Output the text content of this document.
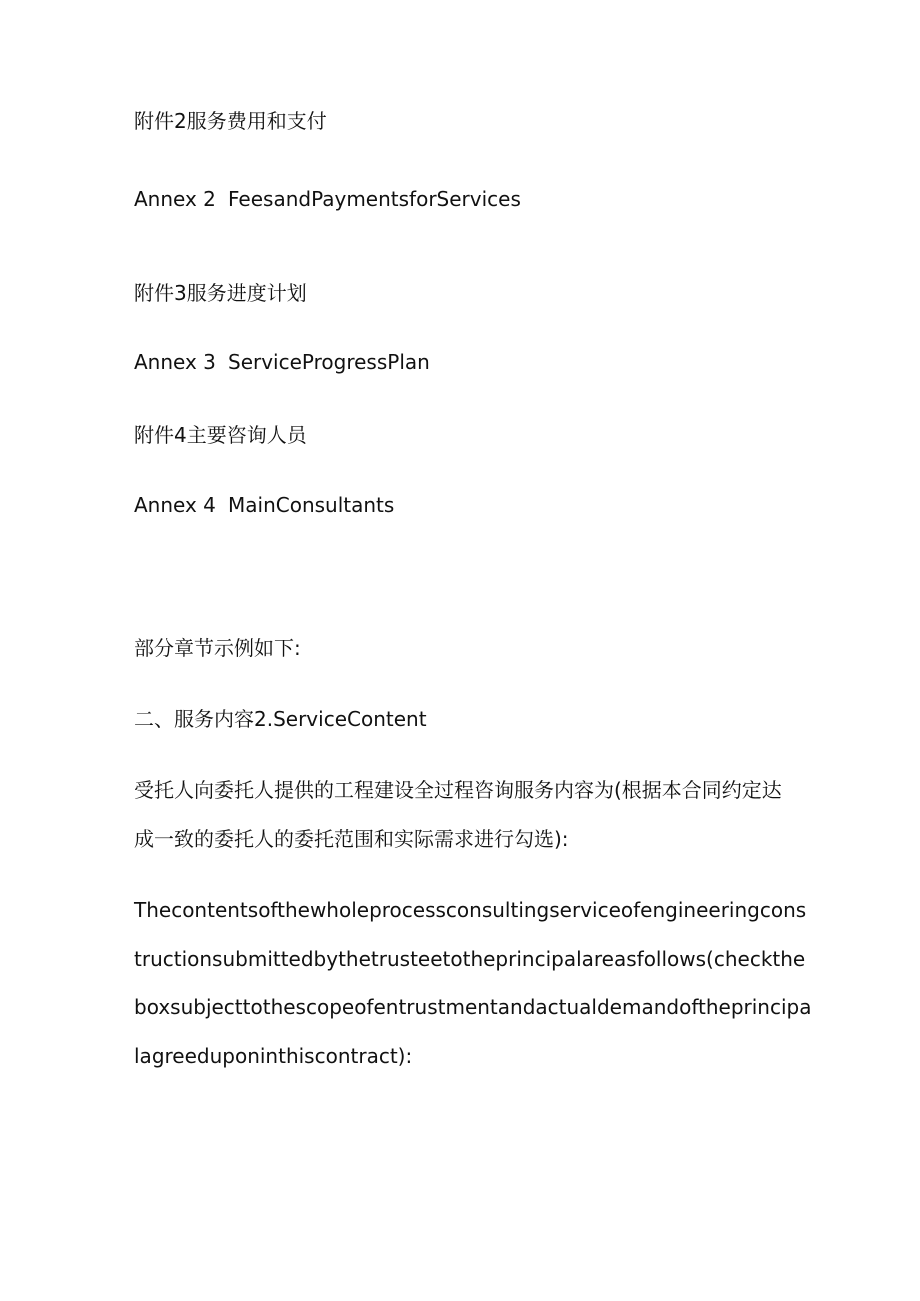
附件2服务费用和支付
Annex 2 FeesandPaymentsforServices
附件3服务进度计划
Annex 3 ServiceProgressPlan
附件4主要咨询人员
Annex 4 MainConsultants
部分章节示例如下:
二、服务内容2.ServiceContent
受托人向委托人提供的工程建设全过程咨询服务内容为(根据本合同约定达
成一致的委托人的委托范围和实际需求进行勾选):
Thecontentsofthewholeprocessconsultingserviceofengineeringcons
tructionsubmittedbythetrusteetotheprincipalareasfollows(checkthe
boxsubjecttothescopeofentrustmentandactualdemandoftheprincipa
lagreeduponinthiscontract):
